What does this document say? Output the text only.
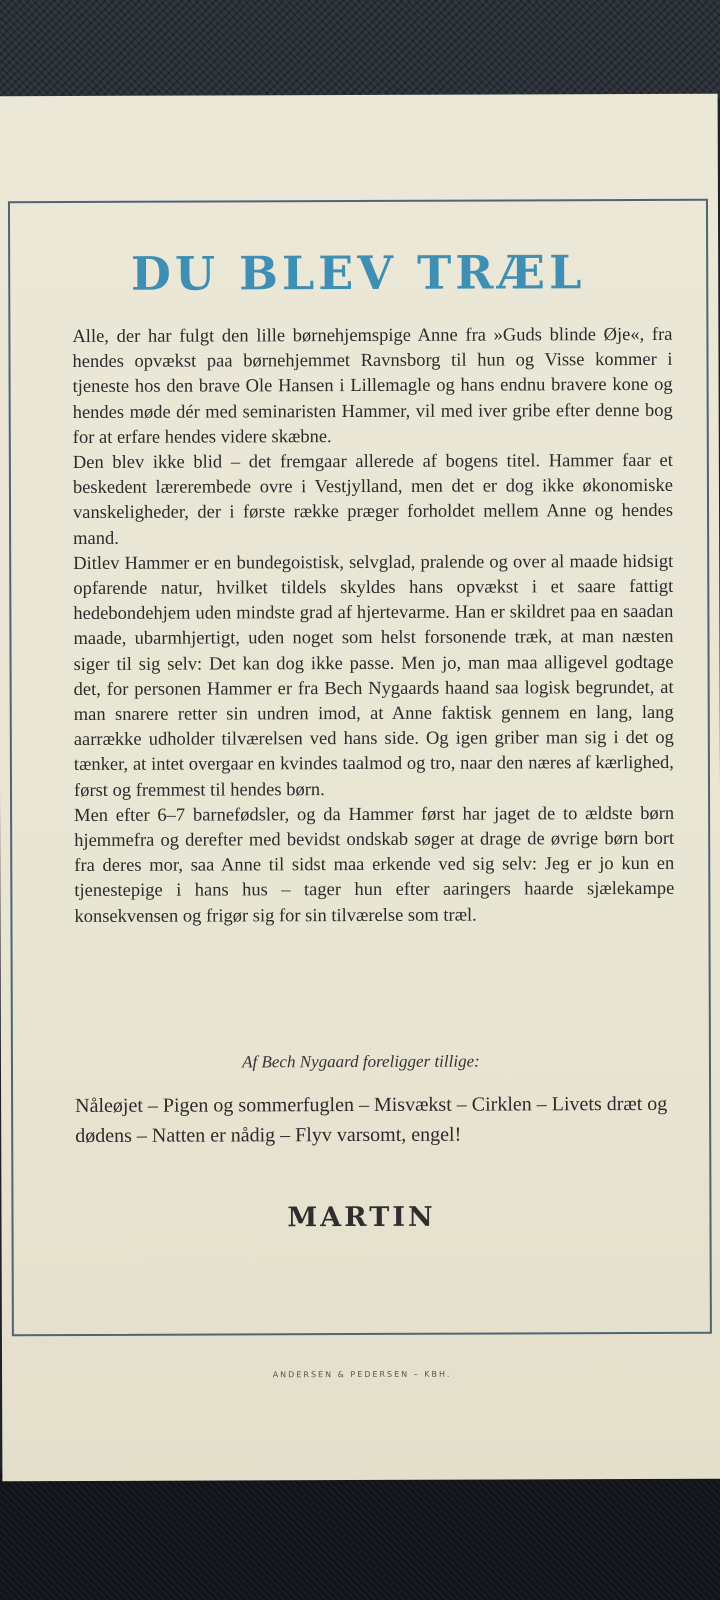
DU BLEV TRÆL

Alle, der har fulgt den lille børnehjemspige Anne fra »Guds blinde Øje«, fra hendes opvækst paa børnehjemmet Ravnsborg til hun og Visse kommer i tjeneste hos den brave Ole Hansen i Lillemagle og hans endnu bravere kone og hendes møde dér med seminaristen Hammer, vil med iver gribe efter denne bog for at erfare hendes videre skæbne.

Den blev ikke blid – det fremgaar allerede af bogens titel. Hammer faar et beskedent lærerembede ovre i Vestjylland, men det er dog ikke økonomiske vanskeligheder, der i første række præger forholdet mellem Anne og hendes mand.

Ditlev Hammer er en bundegoistisk, selvglad, pralende og over al maade hidsigt opfarende natur, hvilket tildels skyldes hans opvækst i et saare fattigt hedebondehjem uden mindste grad af hjertevarme. Han er skildret paa en saadan maade, ubarmhjertigt, uden noget som helst forsonende træk, at man næsten siger til sig selv: Det kan dog ikke passe. Men jo, man maa alligevel godtage det, for personen Hammer er fra Bech Nygaards haand saa logisk begrundet, at man snarere retter sin undren imod, at Anne faktisk gennem en lang, lang aarrække udholder tilværelsen ved hans side. Og igen griber man sig i det og tænker, at intet overgaar en kvindes taalmod og tro, naar den næres af kærlighed, først og fremmest til hendes børn.

Men efter 6–7 barnefødsler, og da Hammer først har jaget de to ældste børn hjemmefra og derefter med bevidst ondskab søger at drage de øvrige børn bort fra deres mor, saa Anne til sidst maa erkende ved sig selv: Jeg er jo kun en tjenestepige i hans hus – tager hun efter aaringers haarde sjælekampe konsekvensen og frigør sig for sin tilværelse som træl.

Af Bech Nygaard foreligger tillige:
Nåleøjet – Pigen og sommerfuglen – Misvækst – Cirklen – Livets dræt og dødens – Natten er nådig – Flyv varsomt, engel!
MARTIN
ANDERSEN & PEDERSEN – KBH.
